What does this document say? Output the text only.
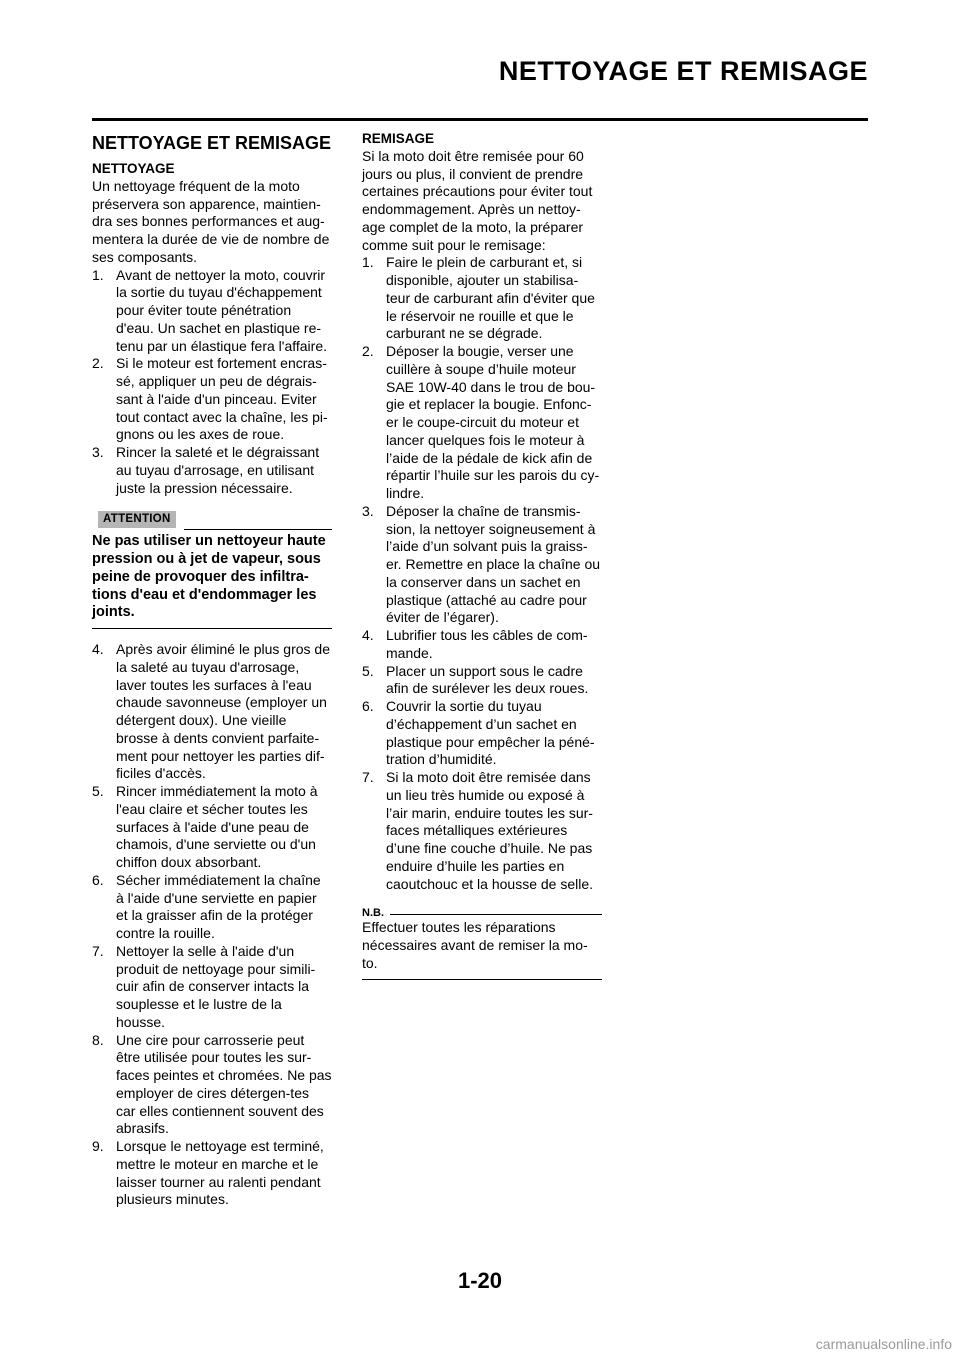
NETTOYAGE ET REMISAGE
NETTOYAGE ET REMISAGE

NETTOYAGE

Un nettoyage fréquent de la moto préservera son apparence, maintien-dra ses bonnes performances et aug-mentera la durée de vie de nombre de ses composants.

1. Avant de nettoyer la moto, couvrir la sortie du tuyau d'échappement pour éviter toute pénétration d'eau. Un sachet en plastique re-tenu par un élastique fera l'affaire.
2. Si le moteur est fortement encras-sé, appliquer un peu de dégrais-sant à l'aide d'un pinceau. Eviter tout contact avec la chaîne, les pi-gnons ou les axes de roue.
3. Rincer la saleté et le dégraissant au tuyau d'arrosage, en utilisant juste la pression nécessaire.
ATTENTION
Ne pas utiliser un nettoyeur haute pression ou à jet de vapeur, sous peine de provoquer des infiltra-tions d'eau et d'endommager les joints.
4. Après avoir éliminé le plus gros de la saleté au tuyau d'arrosage, laver toutes les surfaces à l'eau chaude savonneuse (employer un détergent doux). Une vieille brosse à dents convient parfaite-ment pour nettoyer les parties dif-ficiles d'accès.
5. Rincer immédiatement la moto à l'eau claire et sécher toutes les surfaces à l'aide d'une peau de chamois, d'une serviette ou d'un chiffon doux absorbant.
6. Sécher immédiatement la chaîne à l'aide d'une serviette en papier et la graisser afin de la protéger contre la rouille.
7. Nettoyer la selle à l'aide d'un produit de nettoyage pour simili-cuir afin de conserver intacts la souplesse et le lustre de la housse.
8. Une cire pour carrosserie peut être utilisée pour toutes les sur-faces peintes et chromées. Ne pas employer de cires détergen-tes car elles contiennent souvent des abrasifs.
9. Lorsque le nettoyage est terminé, mettre le moteur en marche et le laisser tourner au ralenti pendant plusieurs minutes.

REMISAGE

Si la moto doit être remisée pour 60 jours ou plus, il convient de prendre certaines précautions pour éviter tout endommagement. Après un nettoy-age complet de la moto, la préparer comme suit pour le remisage:

1. Faire le plein de carburant et, si disponible, ajouter un stabilisa-teur de carburant afin d'éviter que le réservoir ne rouille et que le carburant ne se dégrade.
2. Déposer la bougie, verser une cuillère à soupe d’huile moteur SAE 10W-40 dans le trou de bou-gie et replacer la bougie. Enfonc-er le coupe-circuit du moteur et lancer quelques fois le moteur à l’aide de la pédale de kick afin de répartir l’huile sur les parois du cy-lindre.
3. Déposer la chaîne de transmis-sion, la nettoyer soigneusement à l’aide d’un solvant puis la graiss-er. Remettre en place la chaîne ou la conserver dans un sachet en plastique (attaché au cadre pour éviter de l’égarer).
4. Lubrifier tous les câbles de com-mande.
5. Placer un support sous le cadre afin de surélever les deux roues.
6. Couvrir la sortie du tuyau d’échappement d’un sachet en plastique pour empêcher la péné-tration d’humidité.
7. Si la moto doit être remisée dans un lieu très humide ou exposé à l’air marin, enduire toutes les sur-faces métalliques extérieures d’une fine couche d’huile. Ne pas enduire d’huile les parties en caoutchouc et la housse de selle.
N.B.
Effectuer toutes les réparations nécessaires avant de remiser la mo-to.
1-20
carmanualsonline.info
